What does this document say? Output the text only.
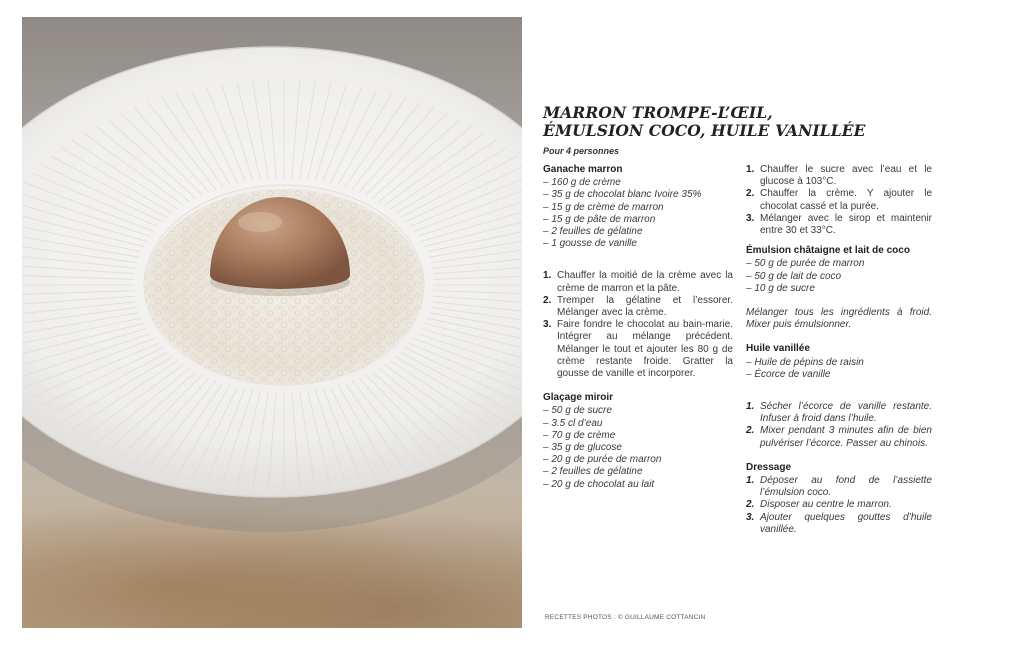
MARRON TROMPE-L’ŒIL,
ÉMULSION COCO, HUILE VANILLÉE
Pour 4 personnes
Ganache marron
– 160 g de crème
– 35 g de chocolat blanc Ivoire 35%
– 15 g de crème de marron
– 15 g de pâte de marron
– 2 feuilles de gélatine
– 1 gousse de vanille
1. Chauffer la moitié de la crème avec la crème de marron et la pâte.
2. Tremper la gélatine et l’essorer. Mélanger avec la crème.
3. Faire fondre le chocolat au bain-marie. Intégrer au mélange précédent. Mélanger le tout et ajouter les 80 g de crème restante froide. Gratter la gousse de vanille et incorporer.
Glaçage miroir
– 50 g de sucre
– 3.5 cl d’eau
– 70 g de crème
– 35 g de glucose
– 20 g de purée de marron
– 2 feuilles de gélatine
– 20 g de chocolat au lait
1. Chauffer le sucre avec l’eau et le glucose à 103°C.
2. Chauffer la crème. Y ajouter le chocolat cassé et la purée.
3. Mélanger avec le sirop et maintenir entre 30 et 33°C.
Émulsion châtaigne et lait de coco
– 50 g de purée de marron
– 50 g de lait de coco
– 10 g de sucre
Mélanger tous les ingrédients à froid. Mixer puis émulsionner.
Huile vanillée
– Huile de pépins de raisin
– Écorce de vanille
1. Sécher l’écorce de vanille restante. Infuser à froid dans l’huile.
2. Mixer pendant 3 minutes afin de bien pulvériser l’écorce. Passer au chinois.
Dressage
1. Déposer au fond de l’assiette l’émulsion coco.
2. Disposer au centre le marron.
3. Ajouter quelques gouttes d’huile vanillée.
RECETTES PHOTOS : © GUILLAUME COTTANCIN
